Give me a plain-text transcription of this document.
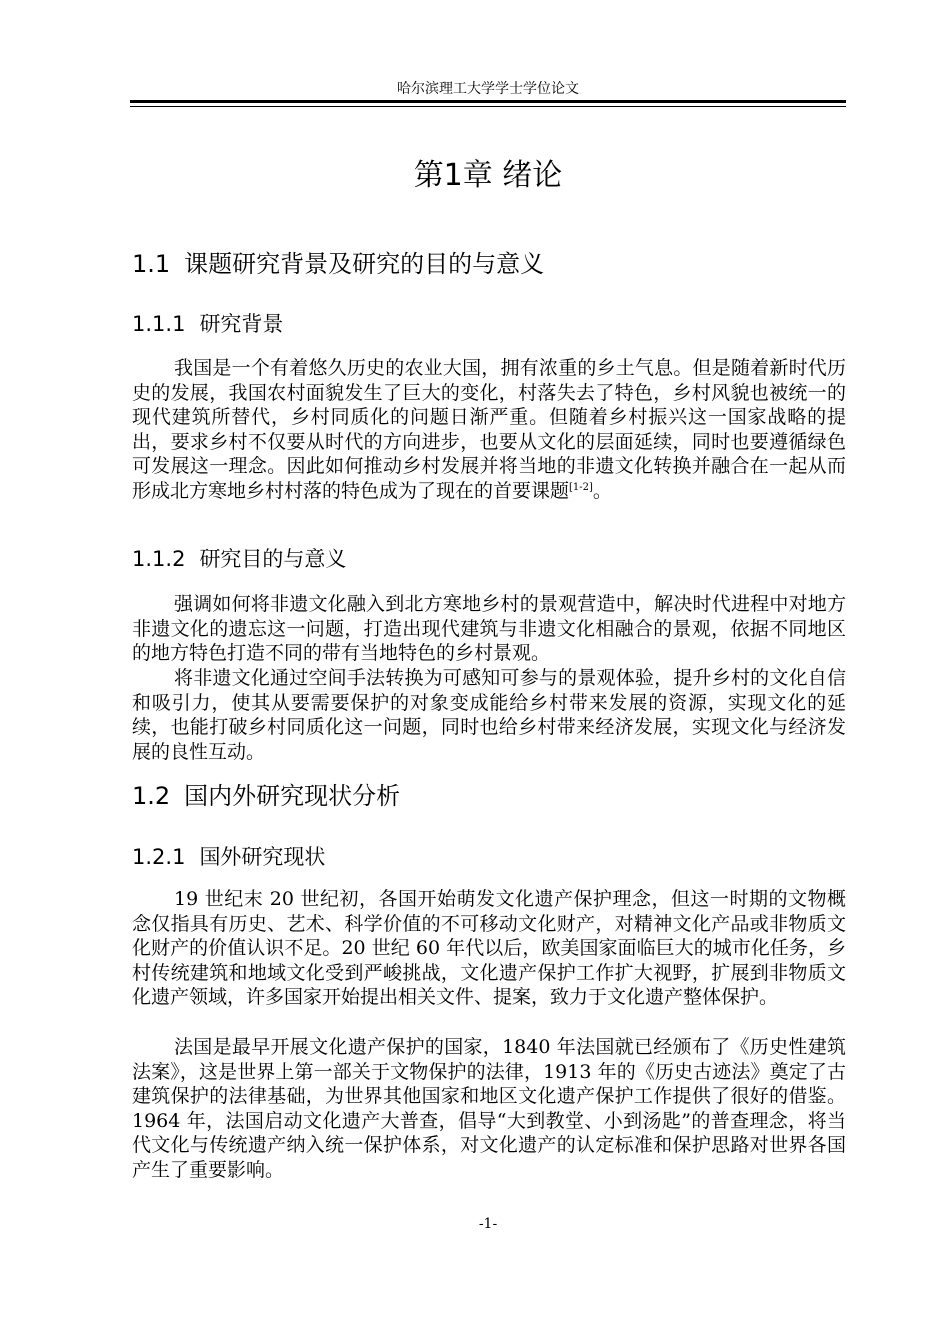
哈尔滨理工大学学士学位论文
第1章 绪论
1.1 课题研究背景及研究的目的与意义
1.1.1 研究背景

我国是一个有着悠久历史的农业大国，拥有浓重的乡土气息。但是随着新时代历史的发展，我国农村面貌发生了巨大的变化，村落失去了特色，乡村风貌也被统一的现代建筑所替代，乡村同质化的问题日渐严重。但随着乡村振兴这一国家战略的提出，要求乡村不仅要从时代的方向进步，也要从文化的层面延续，同时也要遵循绿色可发展这一理念。因此如何推动乡村发展并将当地的非遗文化转换并融合在一起从而形成北方寒地乡村村落的特色成为了现在的首要课题[1-2]。

1.1.2 研究目的与意义

强调如何将非遗文化融入到北方寒地乡村的景观营造中，解决时代进程中对地方非遗文化的遗忘这一问题，打造出现代建筑与非遗文化相融合的景观，依据不同地区的地方特色打造不同的带有当地特色的乡村景观。

将非遗文化通过空间手法转换为可感知可参与的景观体验，提升乡村的文化自信和吸引力，使其从要需要保护的对象变成能给乡村带来发展的资源，实现文化的延续，也能打破乡村同质化这一问题，同时也给乡村带来经济发展，实现文化与经济发展的良性互动。

1.2 国内外研究现状分析
1.2.1 国外研究现状

19 世纪末 20 世纪初，各国开始萌发文化遗产保护理念，但这一时期的文物概念仅指具有历史、艺术、科学价值的不可移动文化财产，对精神文化产品或非物质文化财产的价值认识不足。20 世纪 60 年代以后，欧美国家面临巨大的城市化任务，乡村传统建筑和地域文化受到严峻挑战，文化遗产保护工作扩大视野，扩展到非物质文化遗产领域，许多国家开始提出相关文件、提案，致力于文化遗产整体保护。

法国是最早开展文化遗产保护的国家，1840 年法国就已经颁布了《历史性建筑法案》，这是世界上第一部关于文物保护的法律，1913 年的《历史古迹法》奠定了古建筑保护的法律基础，为世界其他国家和地区文化遗产保护工作提供了很好的借鉴。1964 年，法国启动文化遗产大普查，倡导“大到教堂、小到汤匙”的普查理念，将当代文化与传统遗产纳入统一保护体系，对文化遗产的认定标准和保护思路对世界各国产生了重要影响。

-1-
